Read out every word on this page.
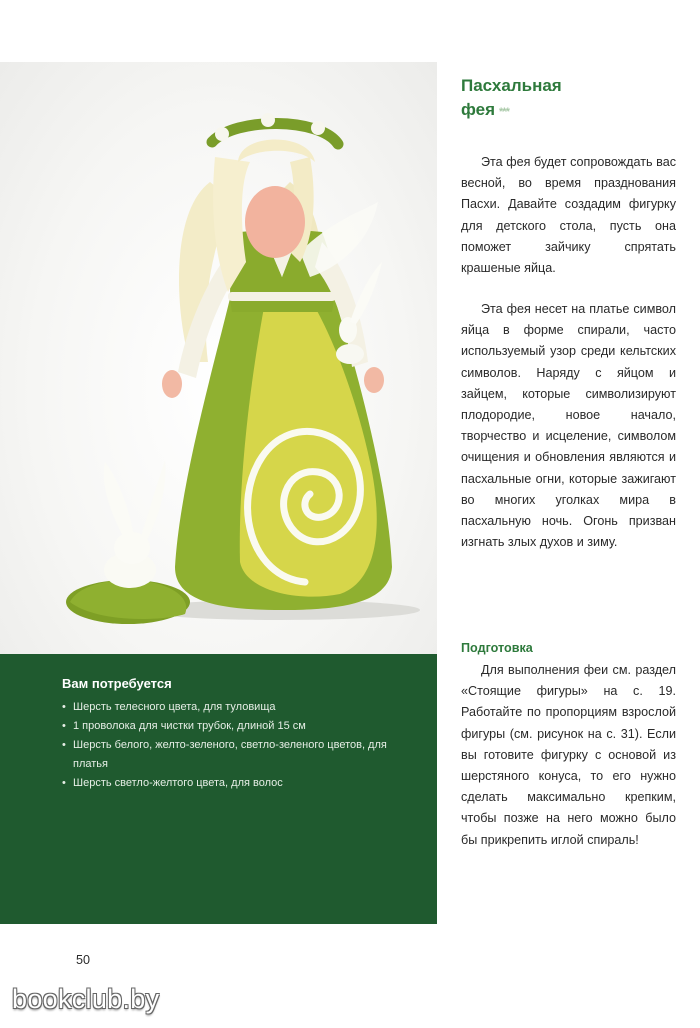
Вам потребуется
• Шерсть телесного цвета, для туловища
• 1 проволока для чистки трубок, длиной 15 см
• Шерсть белого, желто-зеленого, светло-зеленого цветов, для платья
• Шерсть светло-желтого цвета, для волос
Пасхальная
фея ***

Эта фея будет сопровождать вас весной, во время празднования Пасхи. Давайте создадим фигурку для детского стола, пусть она поможет зайчику спрятать крашеные яйца.

Эта фея несет на платье символ яйца в форме спирали, часто используемый узор среди кельтских символов. Наряду с яйцом и зайцем, которые символизируют плодородие, новое начало, творчество и исцеление, символом очищения и обновления являются и пасхальные огни, которые зажигают во многих уголках мира в пасхальную ночь. Огонь призван изгнать злых духов и зиму.

Подготовка

Для выполнения феи см. раздел «Стоящие фигуры» на с. 19. Работайте по пропорциям взрослой фигуры (см. рисунок на с. 31). Если вы готовите фигурку с основой из шерстяного конуса, то его нужно сделать максимально крепким, чтобы позже на него можно было бы прикрепить иглой спираль!

50
bookclub.by
